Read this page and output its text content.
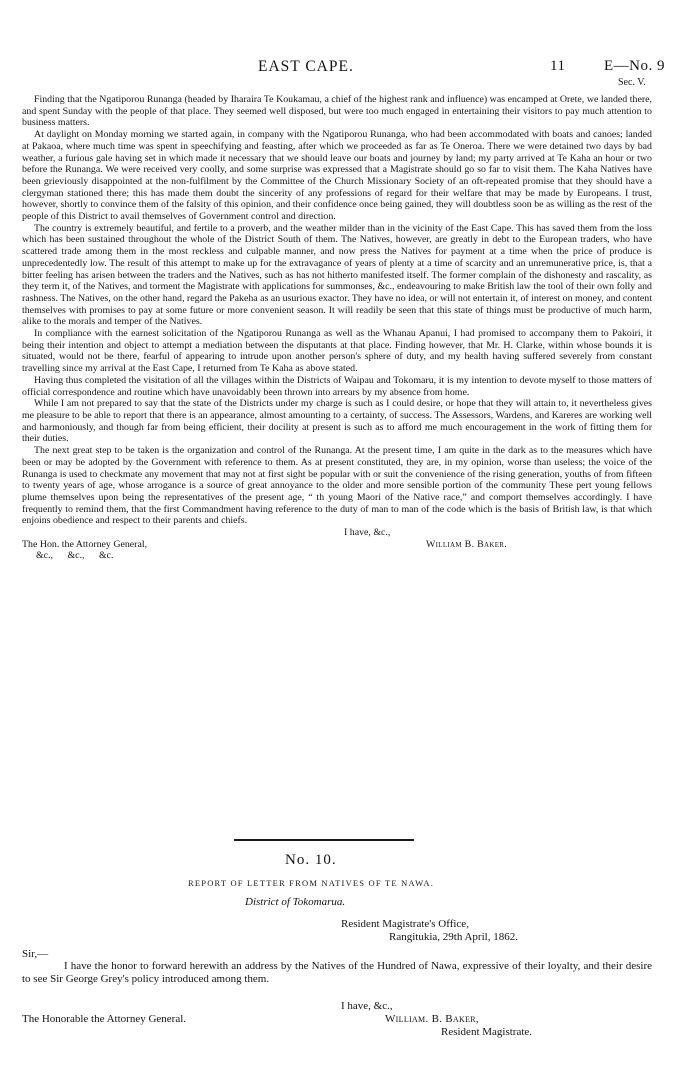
EAST CAPE.	11	E—No. 9
Sec. V.

Finding that the Ngatiporou Runanga (headed by Iharaira Te Koukamau, a chief of the highest rank and influence) was encamped at Orete, we landed there, and spent Sunday with the people of that place. They seemed well disposed, but were too much engaged in entertaining their visitors to pay much attention to business matters.

At daylight on Monday morning we started again, in company with the Ngatiporou Runanga, who had been accommodated with boats and canoes; landed at Pakaoa, where much time was spent in speechifying and feasting, after which we proceeded as far as Te Oneroa. There we were detained two days by bad weather, a furious gale having set in which made it necessary that we should leave our boats and journey by land; my party arrived at Te Kaha an hour or two before the Runanga. We were received very coolly, and some surprise was expressed that a Magistrate should go so far to visit them. The Kaha Natives have been grieviously disappointed at the non-fulfilment by the Committee of the Church Missionary Society of an oft-repeated promise that they should have a clergyman stationed there; this has made them doubt the sincerity of any professions of regard for their welfare that may be made by Europeans. I trust, however, shortly to convince them of the falsity of this opinion, and their confidence once being gained, they will doubtless soon be as willing as the rest of the people of this District to avail themselves of Government control and direction.

The country is extremely beautiful, and fertile to a proverb, and the weather milder than in the vicinity of the East Cape. This has saved them from the loss which has been sustained throughout the whole of the District South of them. The Natives, however, are greatly in debt to the European traders, who have scattered trade among them in the most reckless and culpable manner, and now press the Natives for payment at a time when the price of produce is unprecedentedly low. The result of this attempt to make up for the extravagance of years of plenty at a time of scarcity and an unremunerative price, is, that a bitter feeling has arisen between the traders and the Natives, such as has not hitherto manifested itself. The former complain of the dishonesty and rascality, as they term it, of the Natives, and torment the Magistrate with applications for summonses, &c., endeavouring to make British law the tool of their own folly and rashness. The Natives, on the other hand, regard the Pakeha as an usurious exactor. They have no idea, or will not entertain it, of interest on money, and content themselves with promises to pay at some future or more convenient season. It will readily be seen that this state of things must be productive of much harm, alike to the morals and temper of the Natives.

In compliance with the earnest solicitation of the Ngatiporou Runanga as well as the Whanau Apanui, I had promised to accompany them to Pakoiri, it being their intention and object to attempt a mediation between the disputants at that place. Finding however, that Mr. H. Clarke, within whose bounds it is situated, would not be there, fearful of appearing to intrude upon another person's sphere of duty, and my health having suffered severely from constant travelling since my arrival at the East Cape, I returned from Te Kaha as above stated.

Having thus completed the visitation of all the villages within the Districts of Waipau and Tokomaru, it is my intention to devote myself to those matters of official correspondence and routine which have unavoidably been thrown into arrears by my absence from home.

While I am not prepared to say that the state of the Districts under my charge is such as I could desire, or hope that they will attain to, it nevertheless gives me pleasure to be able to report that there is an appearance, almost amounting to a certainty, of success. The Assessors, Wardens, and Kareres are working well and harmoniously, and though far from being efficient, their docility at present is such as to afford me much encouragement in the work of fitting them for their duties.

The next great step to be taken is the organization and control of the Runanga. At the present time, I am quite in the dark as to the measures which have been or may be adopted by the Government with reference to them. As at present constituted, they are, in my opinion, worse than useless; the voice of the Runanga is used to checkmate any movement that may not at first sight be popular with or suit the convenience of the rising generation, youths of from fifteen to twenty years of age, whose arrogance is a source of great annoyance to the older and more sensible portion of the community These pert young fellows plume themselves upon being the representatives of the present age, “ th young Maori of the Native race,” and comport themselves accordingly. I have frequently to remind them, that the first Commandment having reference to the duty of man to man of the code which is the basis of British law, is that which enjoins obedience and respect to their parents and chiefs.

I have, &c.,
The Hon. the Attorney General,	William B. Baker.
&c., &c., &c.
No. 10.
REPORT OF LETTER FROM NATIVES OF TE NAWA.
District of Tokomarua.
Resident Magistrate's Office,
Rangitukia, 29th April, 1862.
Sir,—

I have the honor to forward herewith an address by the Natives of the Hundred of Nawa, expressive of their loyalty, and their desire to see Sir George Grey's policy introduced among them.

I have, &c.,
The Honorable the Attorney General.	William. B. Baker,
Resident Magistrate.
